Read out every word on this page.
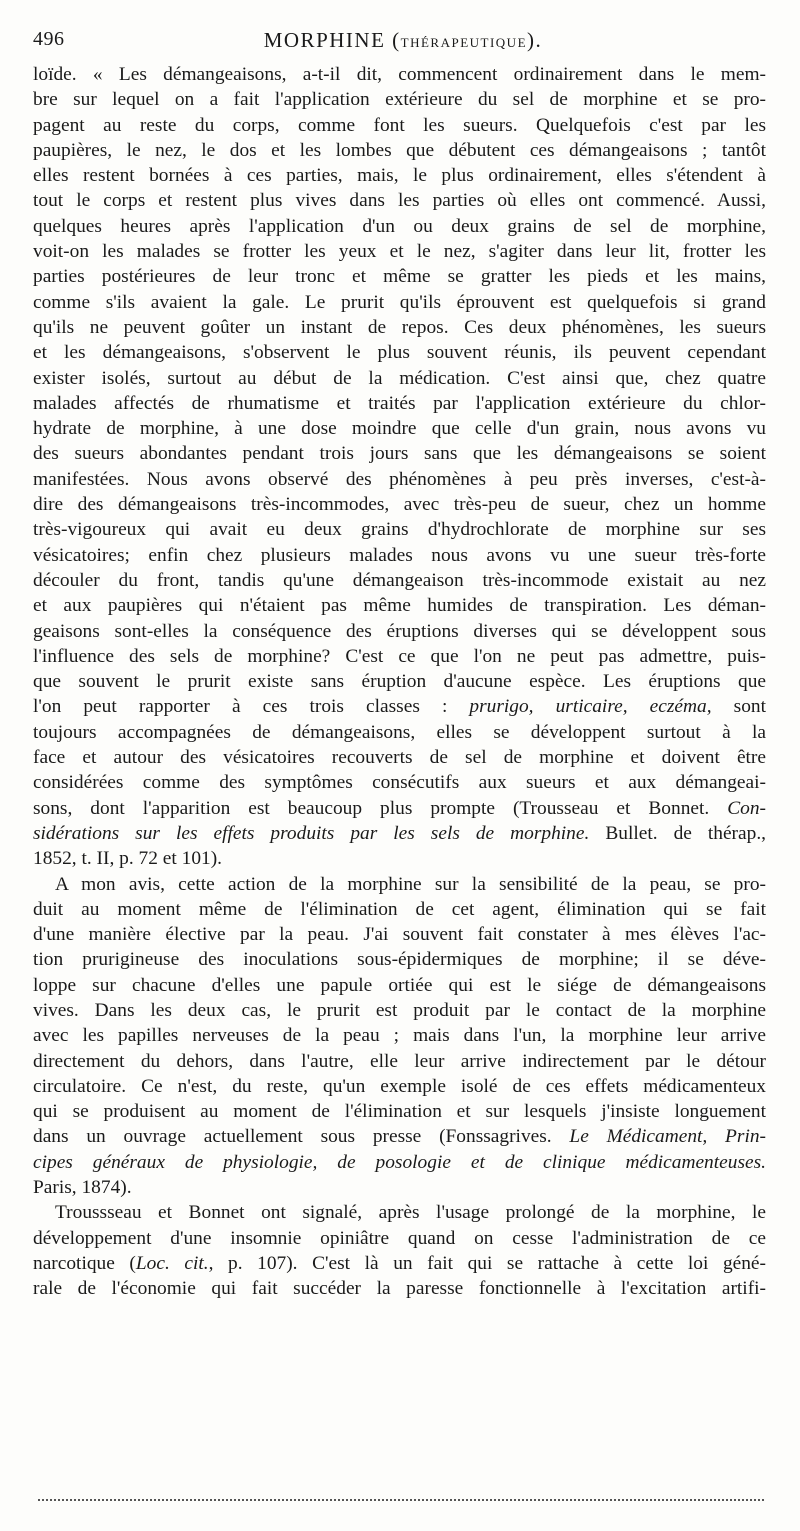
496	MORPHINE (THÉRAPEUTIQUE).
loïde. « Les démangeaisons, a-t-il dit, commencent ordinairement dans le mem-
bre sur lequel on a fait l'application extérieure du sel de morphine et se pro-
pagent au reste du corps, comme font les sueurs. Quelquefois c'est par les
paupières, le nez, le dos et les lombes que débutent ces démangeaisons ; tantôt
elles restent bornées à ces parties, mais, le plus ordinairement, elles s'étendent à
tout le corps et restent plus vives dans les parties où elles ont commencé. Aussi,
quelques heures après l'application d'un ou deux grains de sel de morphine,
voit-on les malades se frotter les yeux et le nez, s'agiter dans leur lit, frotter les
parties postérieures de leur tronc et même se gratter les pieds et les mains,
comme s'ils avaient la gale. Le prurit qu'ils éprouvent est quelquefois si grand
qu'ils ne peuvent goûter un instant de repos. Ces deux phénomènes, les sueurs
et les démangeaisons, s'observent le plus souvent réunis, ils peuvent cependant
exister isolés, surtout au début de la médication. C'est ainsi que, chez quatre
malades affectés de rhumatisme et traités par l'application extérieure du chlor-
hydrate de morphine, à une dose moindre que celle d'un grain, nous avons vu
des sueurs abondantes pendant trois jours sans que les démangeaisons se soient
manifestées. Nous avons observé des phénomènes à peu près inverses, c'est-à-
dire des démangeaisons très-incommodes, avec très-peu de sueur, chez un homme
très-vigoureux qui avait eu deux grains d'hydrochlorate de morphine sur ses
vésicatoires; enfin chez plusieurs malades nous avons vu une sueur très-forte
découler du front, tandis qu'une démangeaison très-incommode existait au nez
et aux paupières qui n'étaient pas même humides de transpiration. Les déman-
geaisons sont-elles la conséquence des éruptions diverses qui se développent sous
l'influence des sels de morphine? C'est ce que l'on ne peut pas admettre, puis-
que souvent le prurit existe sans éruption d'aucune espèce. Les éruptions que
l'on peut rapporter à ces trois classes : prurigo, urticaire, eczéma, sont
toujours accompagnées de démangeaisons, elles se développent surtout à la
face et autour des vésicatoires recouverts de sel de morphine et doivent être
considérées comme des symptômes consécutifs aux sueurs et aux démangeai-
sons, dont l'apparition est beaucoup plus prompte (Trousseau et Bonnet. Con-
sidérations sur les effets produits par les sels de morphine. Bullet. de thérap.,
1852, t. II, p. 72 et 101).
A mon avis, cette action de la morphine sur la sensibilité de la peau, se pro-
duit au moment même de l'élimination de cet agent, élimination qui se fait
d'une manière élective par la peau. J'ai souvent fait constater à mes élèves l'ac-
tion prurigineuse des inoculations sous-épidermiques de morphine; il se déve-
loppe sur chacune d'elles une papule ortiée qui est le siége de démangeaisons
vives. Dans les deux cas, le prurit est produit par le contact de la morphine
avec les papilles nerveuses de la peau ; mais dans l'un, la morphine leur arrive
directement du dehors, dans l'autre, elle leur arrive indirectement par le détour
circulatoire. Ce n'est, du reste, qu'un exemple isolé de ces effets médicamenteux
qui se produisent au moment de l'élimination et sur lesquels j'insiste longuement
dans un ouvrage actuellement sous presse (Fonssagrives. Le Médicament, Prin-
cipes généraux de physiologie, de posologie et de clinique médicamenteuses.
Paris, 1874).
Troussseau et Bonnet ont signalé, après l'usage prolongé de la morphine, le
développement d'une insomnie opiniâtre quand on cesse l'administration de ce
narcotique (Loc. cit., p. 107). C'est là un fait qui se rattache à cette loi géné-
rale de l'économie qui fait succéder la paresse fonctionnelle à l'excitation artifi-
